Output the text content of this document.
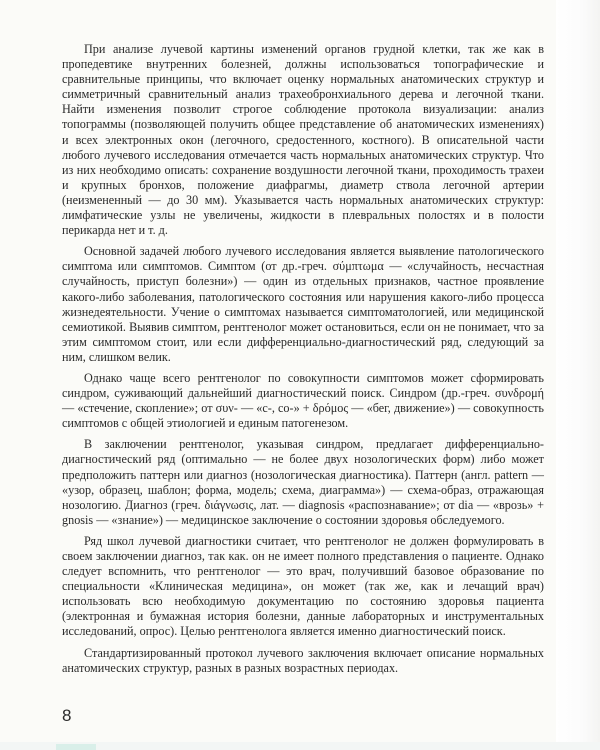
При анализе лучевой картины изменений органов грудной клетки, так же как в пропедевтике внутренних болезней, должны использоваться топографические и сравнительные принципы, что включает оценку нормальных анатомических структур и симметричный сравнительный анализ трахеобронхиального дерева и легочной ткани. Найти изменения позволит строгое соблюдение протокола визуализации: анализ топограммы (позволяющей получить общее представление об анатомических изменениях) и всех электронных окон (легочного, средостенного, костного). В описательной части любого лучевого исследования отмечается часть нормальных анатомических структур. Что из них необходимо описать: сохранение воздушности легочной ткани, проходимость трахеи и крупных бронхов, положение диафрагмы, диаметр ствола легочной артерии (неизмененный — до 30 мм). Указывается часть нормальных анатомических структур: лимфатические узлы не увеличены, жидкости в плевральных полостях и в полости перикарда нет и т. д.

Основной задачей любого лучевого исследования является выявление патологического симптома или симптомов. Симптом (от др.-греч. σύμπτωμα — «случайность, несчастная случайность, приступ болезни») — один из отдельных признаков, частное проявление какого-либо заболевания, патологического состояния или нарушения какого-либо процесса жизнедеятельности. Учение о симптомах называется симптоматологией, или медицинской семиотикой. Выявив симптом, рентгенолог может остановиться, если он не понимает, что за этим симптомом стоит, или если дифференциально-диагностический ряд, следующий за ним, слишком велик.

Однако чаще всего рентгенолог по совокупности симптомов может сформировать синдром, суживающий дальнейший диагностический поиск. Синдром (др.-греч. συνδρομή — «стечение, скопление»; от συν- — «с-, со-» + δρόμος — «бег, движение») — совокупность симптомов с общей этиологией и единым патогенезом.

В заключении рентгенолог, указывая синдром, предлагает дифференциально-диагностический ряд (оптимально — не более двух нозологических форм) либо может предположить паттерн или диагноз (нозологическая диагностика). Паттерн (англ. pattern — «узор, образец, шаблон; форма, модель; схема, диаграмма») — схема-образ, отражающая нозологию. Диагноз (греч. διάγνωσις, лат. — diagnosis «распознавание»; от dia — «врозь» + gnosis — «знание») — медицинское заключение о состоянии здоровья обследуемого.

Ряд школ лучевой диагностики считает, что рентгенолог не должен формулировать в своем заключении диагноз, так как. он не имеет полного представления о пациенте. Однако следует вспомнить, что рентгенолог — это врач, получивший базовое образование по специальности «Клиническая медицина», он может (так же, как и лечащий врач) использовать всю необходимую документацию по состоянию здоровья пациента (электронная и бумажная история болезни, данные лабораторных и инструментальных исследований, опрос). Целью рентгенолога является именно диагностический поиск.

Стандартизированный протокол лучевого заключения включает описание нормальных анатомических структур, разных в разных возрастных периодах.

8
